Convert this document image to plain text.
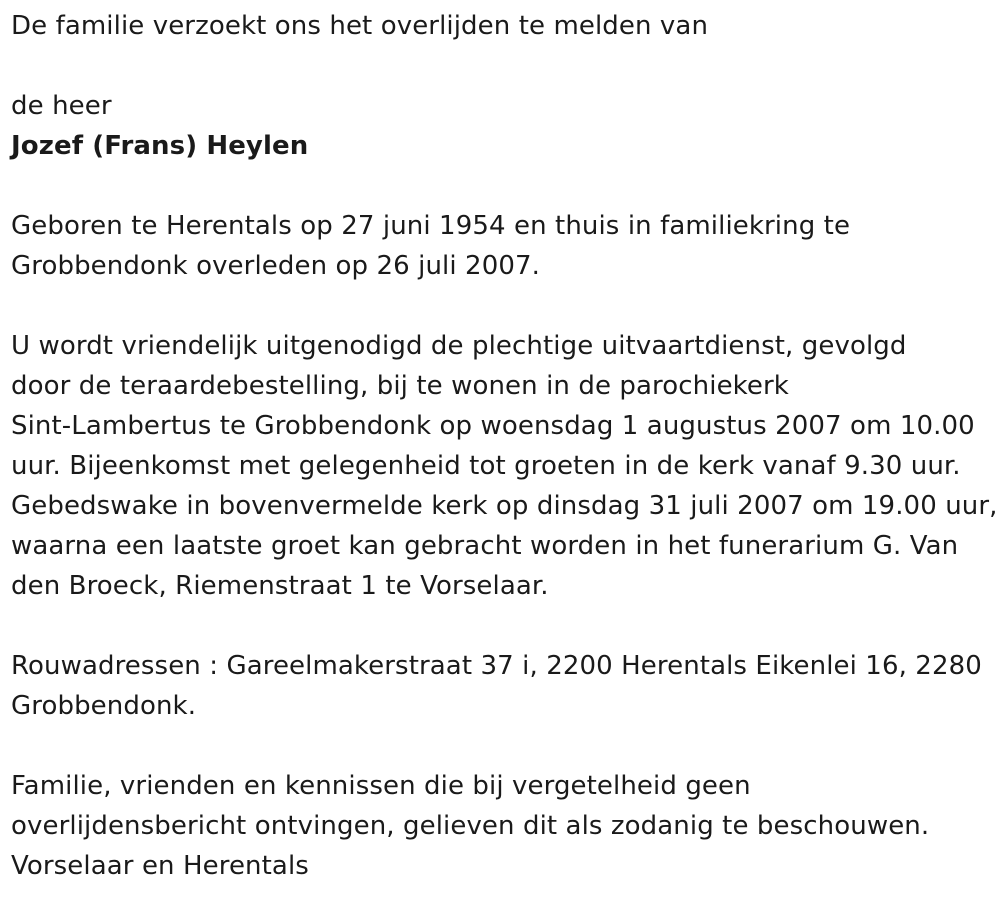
De familie verzoekt ons het overlijden te melden van
de heer
Jozef (Frans) Heylen
Geboren te Herentals op 27 juni 1954 en thuis in familiekring te
Grobbendonk overleden op 26 juli 2007.
U wordt vriendelijk uitgenodigd de plechtige uitvaartdienst, gevolgd
door de teraardebestelling, bij te wonen in de parochiekerk
Sint-Lambertus te Grobbendonk op woensdag 1 augustus 2007 om 10.00
uur. Bijeenkomst met gelegenheid tot groeten in de kerk vanaf 9.30 uur.
Gebedswake in bovenvermelde kerk op dinsdag 31 juli 2007 om 19.00 uur,
waarna een laatste groet kan gebracht worden in het funerarium G. Van
den Broeck, Riemenstraat 1 te Vorselaar.
Rouwadressen : Gareelmakerstraat 37 i, 2200 Herentals Eikenlei 16, 2280
Grobbendonk.
Familie, vrienden en kennissen die bij vergetelheid geen
overlijdensbericht ontvingen, gelieven dit als zodanig te beschouwen.
Vorselaar en Herentals
